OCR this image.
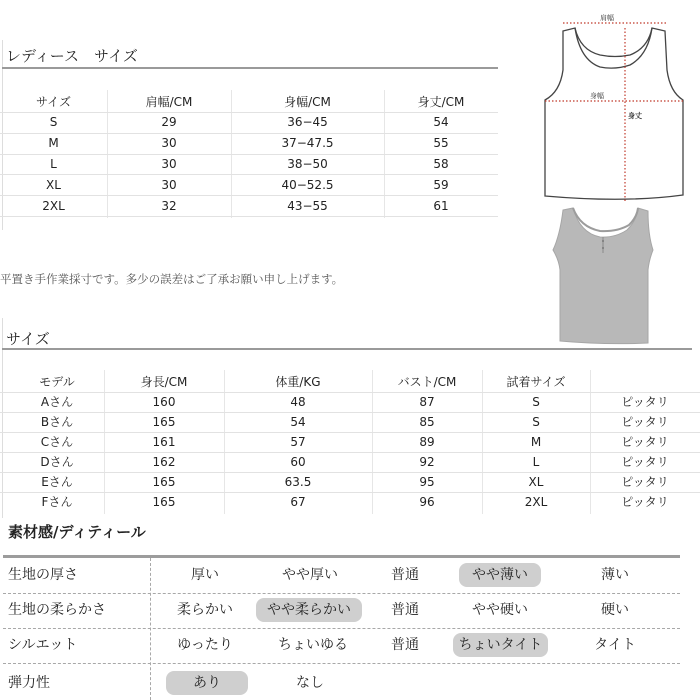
レディース　サイズ
サイズ	肩幅/CM	身幅/CM	身丈/CM
S	29	36−45	54
M	30	37−47.5	55
L	30	38−50	58
XL	30	40−52.5	59
2XL	32	43−55	61
平置き手作業採寸です。多少の誤差はご了承お願い申し上げます。
肩幅
身幅
身丈
サイズ
モデル	身長/CM	体重/KG	バスト/CM	試着サイズ
Aさん	160	48	87	S	ピッタリ
Bさん	165	54	85	S	ピッタリ
Cさん	161	57	89	M	ピッタリ
Dさん	162	60	92	L	ピッタリ
Eさん	165	63.5	95	XL	ピッタリ
Fさん	165	67	96	2XL	ピッタリ
素材感/ディティール
生地の厚さ	厚い	やや厚い	普通	やや薄い	薄い
生地の柔らかさ	柔らかい	やや柔らかい	普通	やや硬い	硬い
シルエット	ゆったり	ちょいゆる	普通	ちょいタイト	タイト
弾力性	あり	なし
